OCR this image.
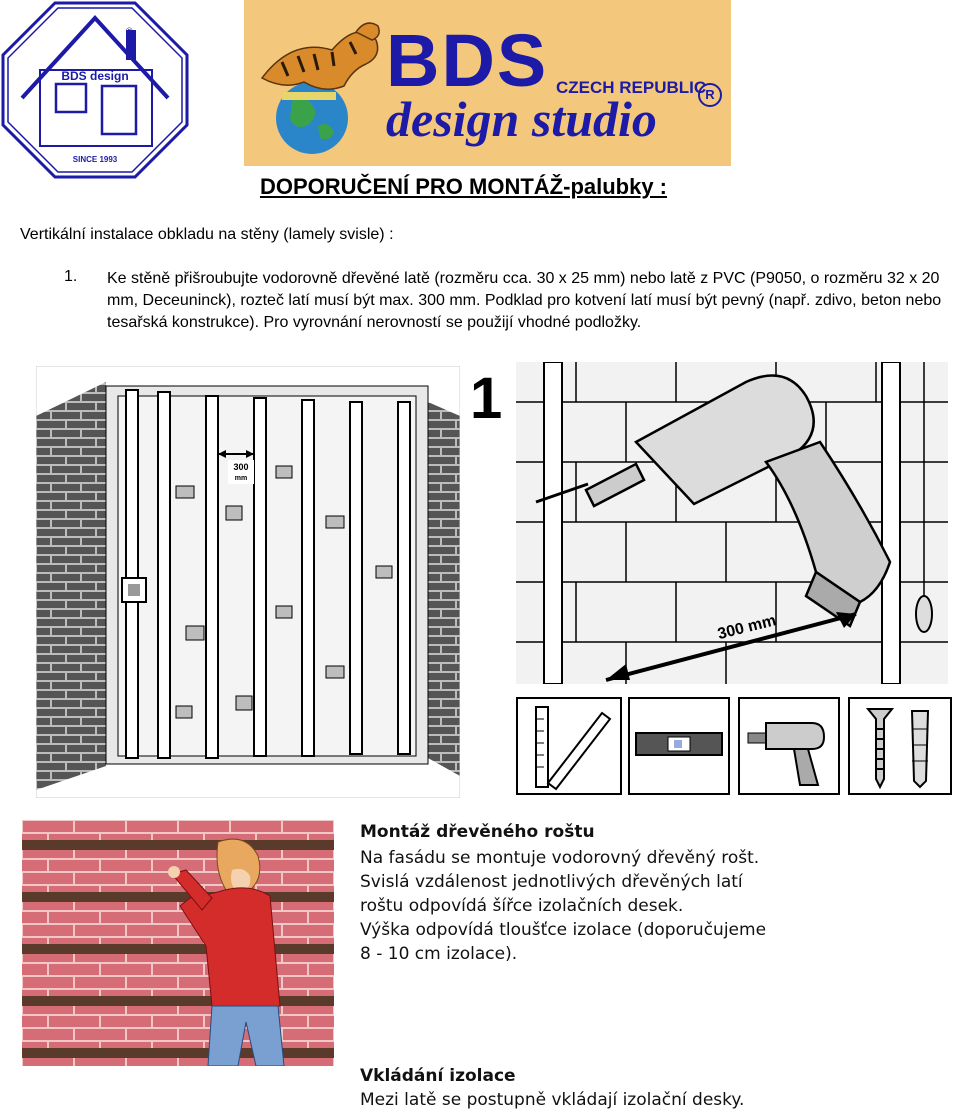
BDS design
SINCE 1993
®	BDS
design studio
CZECH REPUBLIC R
DOPORUČENÍ PRO MONTÁŽ-palubky :
Vertikální instalace obkladu na stěny (lamely svisle) :
1. Ke stěně přišroubujte vodorovně dřevěné latě (rozměru cca. 30 x 25 mm) nebo latě z PVC (P9050, o rozměru 32 x 20 mm, Deceuninck), rozteč latí musí být max. 300 mm. Podklad pro kotvení latí musí být pevný (např. zdivo, beton nebo tesařská konstrukce). Pro vyrovnání nerovností se použijí vhodné podložky.
300
mm
1
300 mm
Montáž dřevěného roštu
Na fasádu se montuje vodorovný dřevěný rošt.
Svislá vzdálenost jednotlivých dřevěných latí
roštu odpovídá šířce izolačních desek.
Výška odpovídá tloušťce izolace (doporučujeme
8 - 10 cm izolace).
Vkládání izolace
Mezi latě se postupně vkládají izolační desky.
